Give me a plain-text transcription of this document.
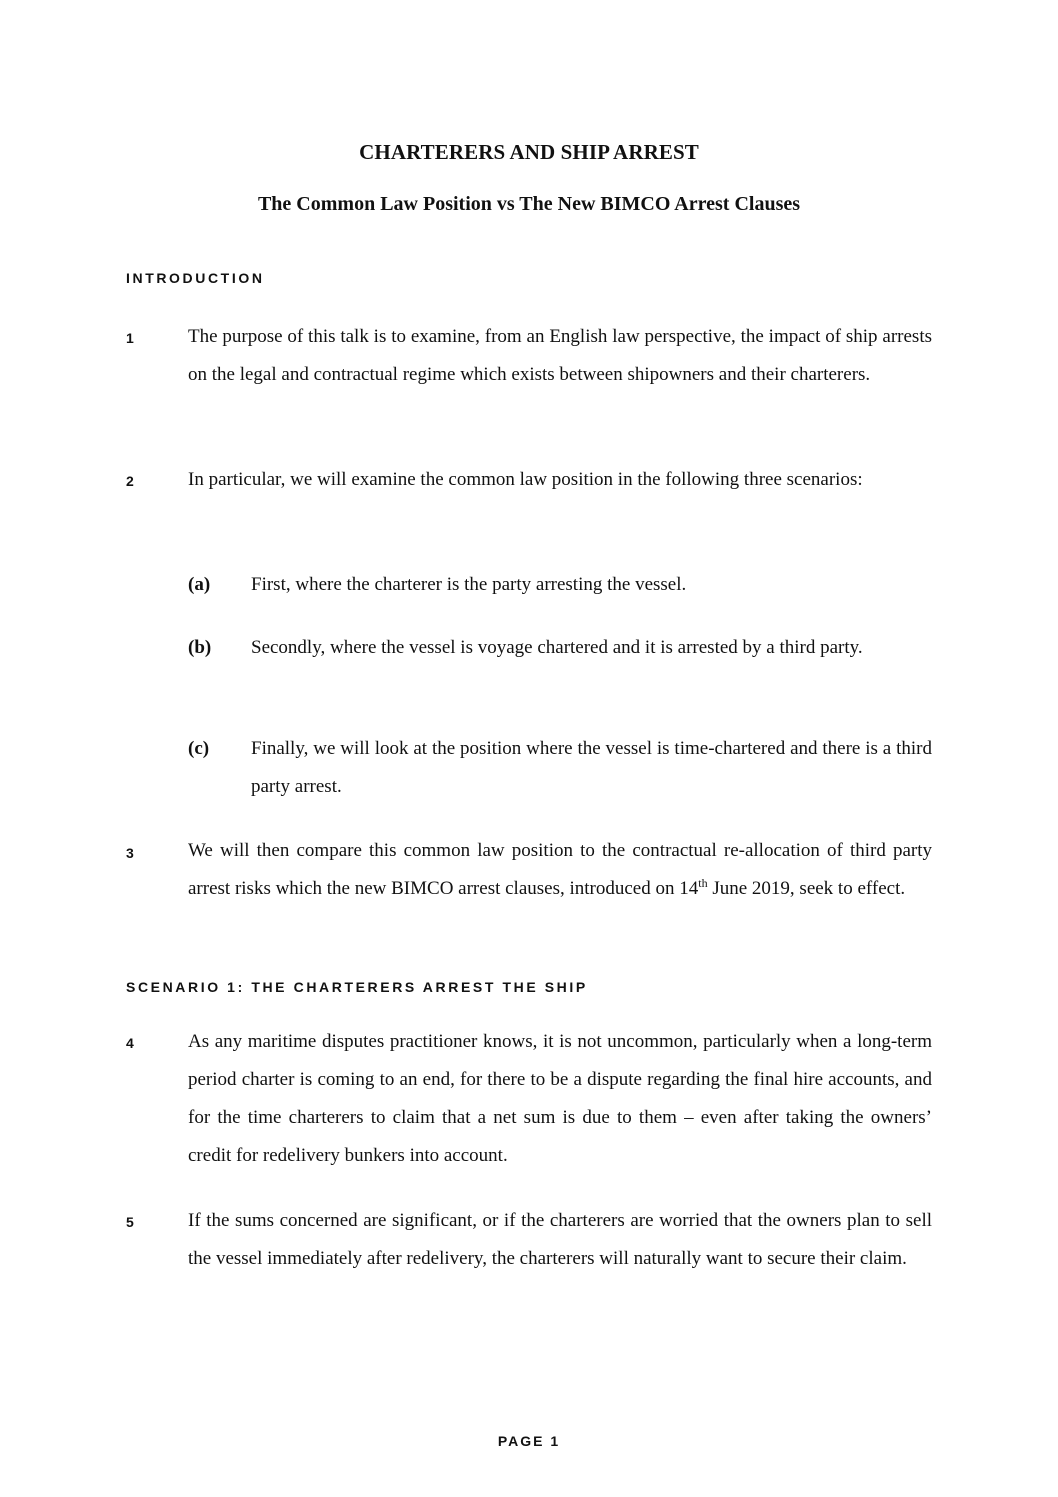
CHARTERERS AND SHIP ARREST
The Common Law Position vs The New BIMCO Arrest Clauses
INTRODUCTION
1	The purpose of this talk is to examine, from an English law perspective, the impact of ship arrests on the legal and contractual regime which exists between shipowners and their charterers.
2	In particular, we will examine the common law position in the following three scenarios:
(a) First, where the charterer is the party arresting the vessel.
(b) Secondly, where the vessel is voyage chartered and it is arrested by a third party.
(c) Finally, we will look at the position where the vessel is time-chartered and there is a third party arrest.
3	We will then compare this common law position to the contractual re-allocation of third party arrest risks which the new BIMCO arrest clauses, introduced on 14th June 2019, seek to effect.
SCENARIO 1: THE CHARTERERS ARREST THE SHIP
4	As any maritime disputes practitioner knows, it is not uncommon, particularly when a long-term period charter is coming to an end, for there to be a dispute regarding the final hire accounts, and for the time charterers to claim that a net sum is due to them – even after taking the owners’ credit for redelivery bunkers into account.
5	If the sums concerned are significant, or if the charterers are worried that the owners plan to sell the vessel immediately after redelivery, the charterers will naturally want to secure their claim.
PAGE 1
